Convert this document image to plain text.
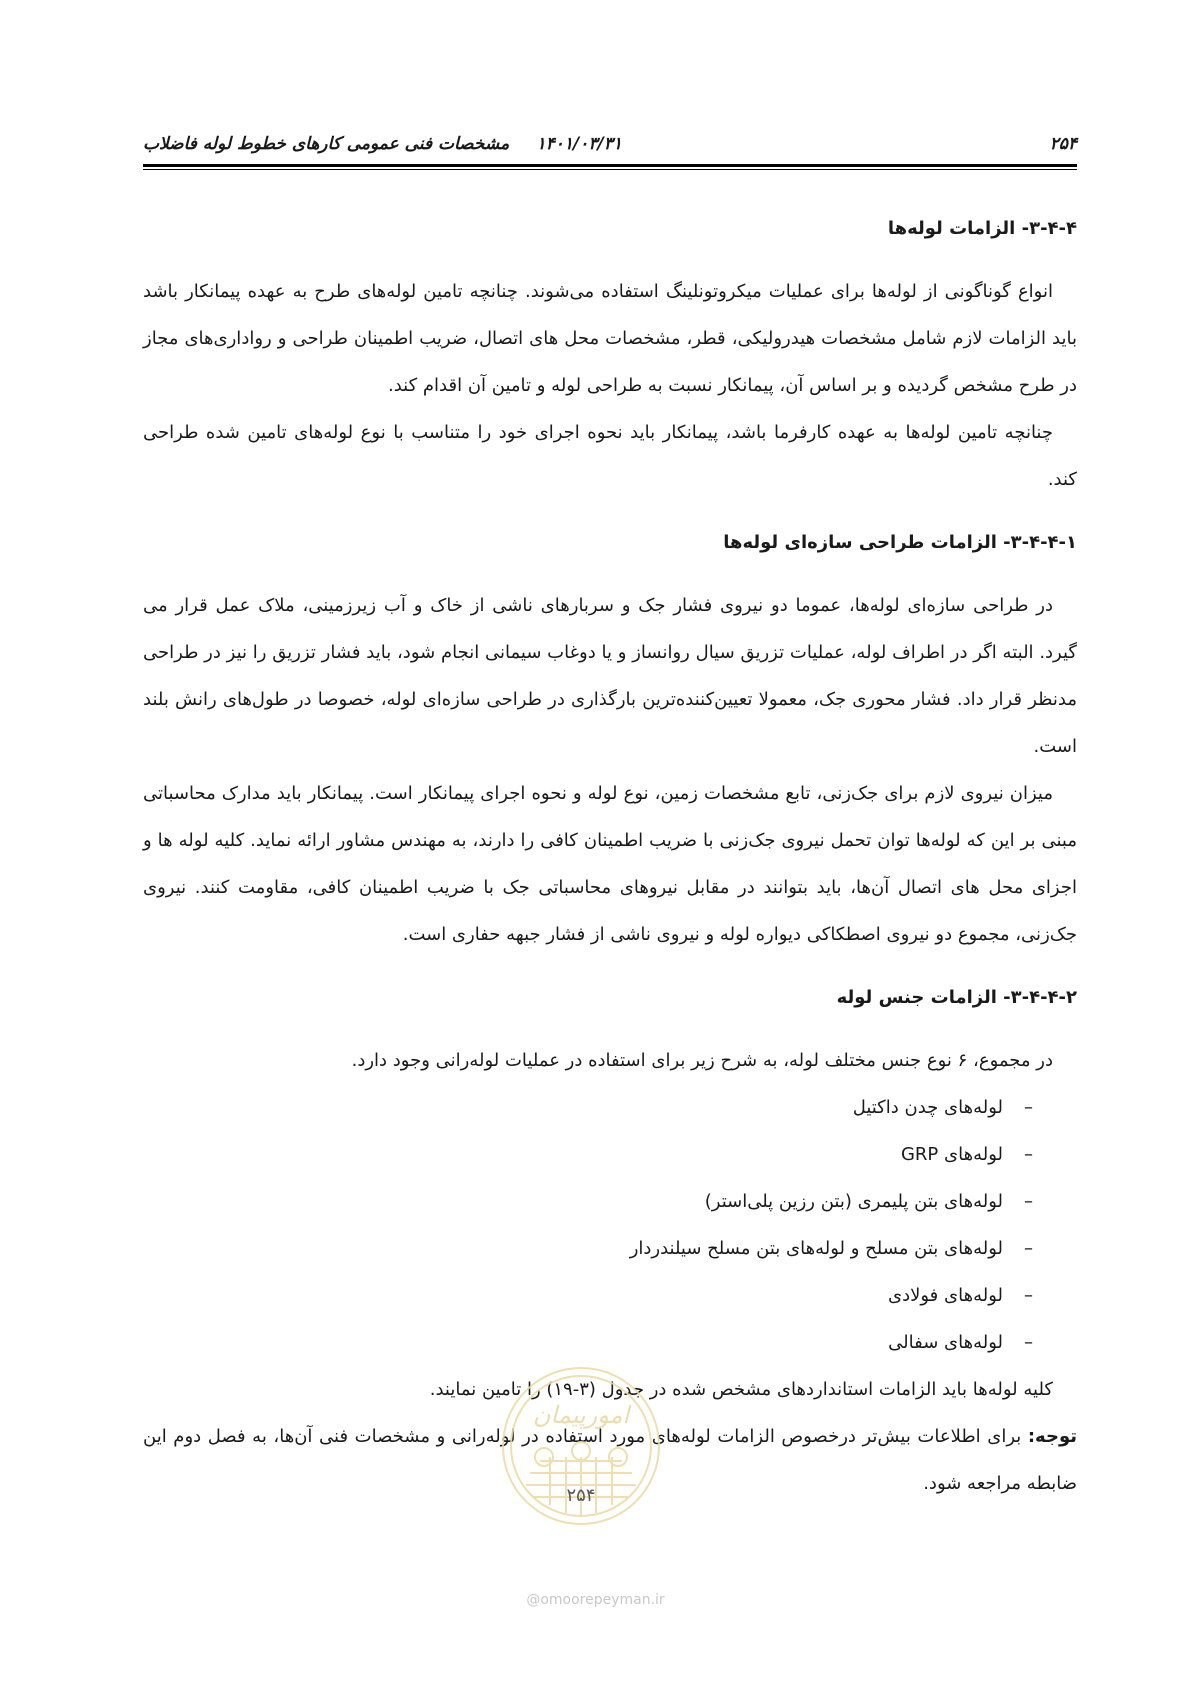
۲۵۴
۱۴۰۱/۰۳/۳۱
مشخصات فنی عمومی کارهای خطوط لوله فاضلاب
۳-۴-۴- الزامات لوله‌ها

انواع گوناگونی از لوله‌ها برای عملیات میکروتونلینگ استفاده می‌شوند. چنانچه تامین لوله‌های طرح به عهده پیمانکار باشد باید الزامات لازم شامل مشخصات هیدرولیکی، قطر، مشخصات محل های اتصال، ضریب اطمینان طراحی و رواداری‌های مجاز در طرح مشخص گردیده و بر اساس آن، پیمانکار نسبت به طراحی لوله و تامین آن اقدام کند.

چنانچه تامین لوله‌ها به عهده کارفرما باشد، پیمانکار باید نحوه اجرای خود را متناسب با نوع لوله‌های تامین شده طراحی کند.

۳-۴-۴-۱- الزامات طراحی سازه‌ای لوله‌ها

در طراحی سازه‌ای لوله‌ها، عموما دو نیروی فشار جک و سربارهای ناشی از خاک و آب زیرزمینی، ملاک عمل قرار می گیرد. البته اگر در اطراف لوله، عملیات تزریق سیال روانساز و یا دوغاب سیمانی انجام شود، باید فشار تزریق را نیز در طراحی مدنظر قرار داد. فشار محوری جک، معمولا تعیین‌کننده‌ترین بارگذاری در طراحی سازه‌ای لوله، خصوصا در طول‌های رانش بلند است.

میزان نیروی لازم برای جک‌زنی، تابع مشخصات زمین، نوع لوله و نحوه اجرای پیمانکار است. پیمانکار باید مدارک محاسباتی مبنی بر این که لوله‌ها توان تحمل نیروی جک‌زنی با ضریب اطمینان کافی را دارند، به مهندس مشاور ارائه نماید. کلیه لوله ها و اجزای محل های اتصال آن‌ها، باید بتوانند در مقابل نیروهای محاسباتی جک با ضریب اطمینان کافی، مقاومت کنند. نیروی جک‌زنی، مجموع دو نیروی اصطکاکی دیواره لوله و نیروی ناشی از فشار جبهه حفاری است.

۳-۴-۴-۲- الزامات جنس لوله

در مجموع، ۶ نوع جنس مختلف لوله، به شرح زیر برای استفاده در عملیات لوله‌رانی وجود دارد.

–
لوله‌های چدن داکتیل
–
لوله‌های GRP
–
لوله‌های بتن پلیمری (بتن رزین پلی‌استر)
–
لوله‌های بتن مسلح و لوله‌های بتن مسلح سیلندردار
–
لوله‌های فولادی
–
لوله‌های سفالی

کلیه لوله‌ها باید الزامات استانداردهای مشخص شده در جدول (۳-۱۹) را تامین نمایند.

توجه: برای اطلاعات بیش‌تر درخصوص الزامات لوله‌های مورد استفاده در لوله‌رانی و مشخصات فنی آن‌ها، به فصل دوم این ضابطه مراجعه شود.

امورپیمان
۲۵۴
@omoorepeyman.ir
